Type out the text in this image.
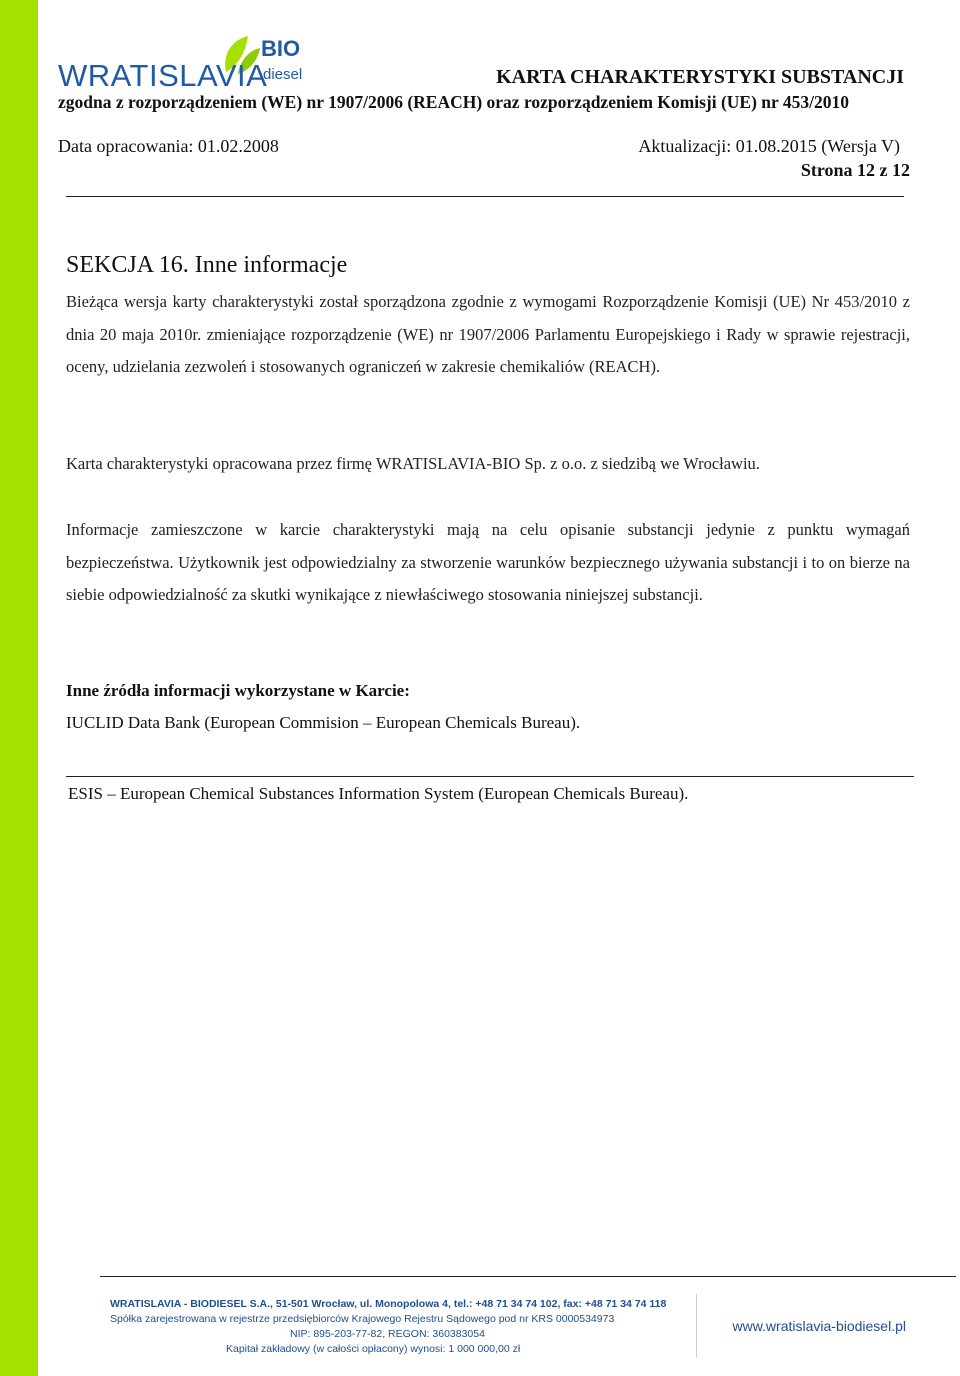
WRATISLAVIA
BIO
diesel	KARTA CHARAKTERYSTYKI SUBSTANCJI
zgodna z rozporządzeniem (WE) nr 1907/2006 (REACH) oraz rozporządzeniem Komisji (UE) nr 453/2010
Data opracowania: 01.02.2008	Aktualizacji: 01.08.2015 (Wersja V)
Strona 12 z 12
SEKCJA 16. Inne informacje
Bieżąca wersja karty charakterystyki został sporządzona zgodnie z wymogami Rozporządzenie Komisji (UE) Nr 453/2010 z dnia 20 maja 2010r. zmieniające rozporządzenie (WE) nr 1907/2006 Parlamentu Europejskiego i Rady w sprawie rejestracji, oceny, udzielania zezwoleń i stosowanych ograniczeń w zakresie chemikaliów (REACH).
Karta charakterystyki opracowana przez firmę WRATISLAVIA-BIO Sp. z o.o. z siedzibą we Wrocławiu.
Informacje zamieszczone w karcie charakterystyki mają na celu opisanie substancji jedynie z punktu wymagań bezpieczeństwa. Użytkownik jest odpowiedzialny za stworzenie warunków bezpiecznego używania substancji i to on bierze na siebie odpowiedzialność za skutki wynikające z niewłaściwego stosowania niniejszej substancji.
Inne źródła informacji wykorzystane w Karcie:
IUCLID Data Bank (European Commision – European Chemicals Bureau).
ESIS – European Chemical Substances Information System (European Chemicals Bureau).
WRATISLAVIA - BIODIESEL S.A., 51-501 Wrocław, ul. Monopolowa 4, tel.: +48 71 34 74 102, fax: +48 71 34 74 118
Spółka zarejestrowana w rejestrze przedsiębiorców Krajowego Rejestru Sądowego pod nr KRS 0000534973
NIP: 895-203-77-82, REGON: 360383054
Kapitał zakładowy (w całości opłacony) wynosi: 1 000 000,00 zł
www.wratislavia-biodiesel.pl
